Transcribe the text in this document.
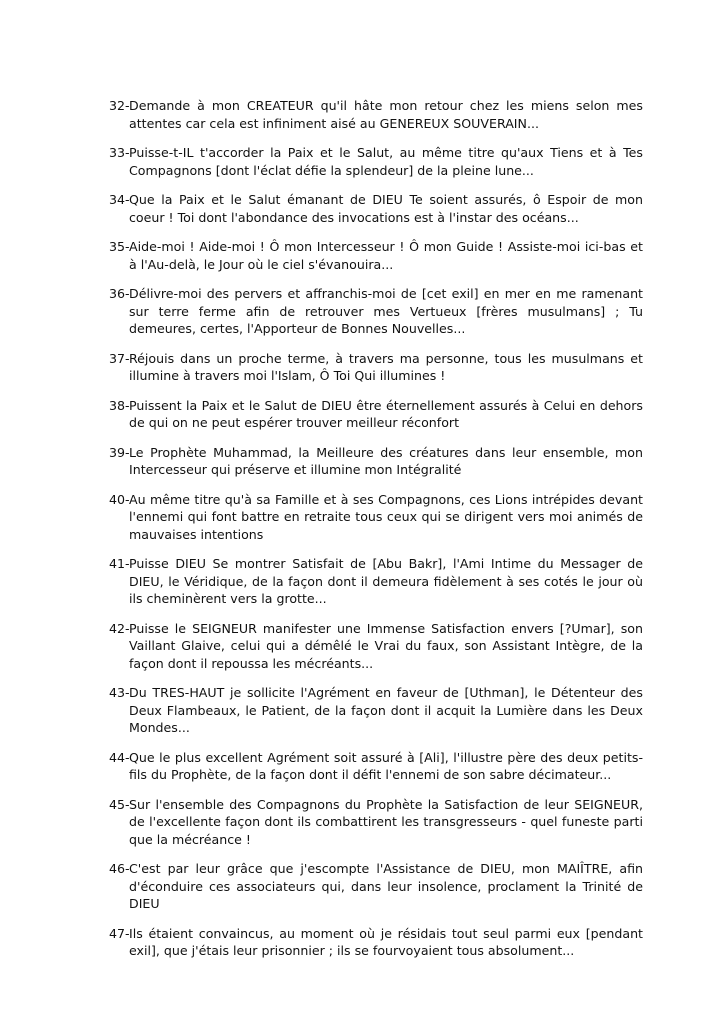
32- Demande à mon CREATEUR qu'il hâte mon retour chez les miens selon mes attentes car cela est infiniment aisé au GENEREUX SOUVERAIN...
33- Puisse-t-IL t'accorder la Paix et le Salut, au même titre qu'aux Tiens et à Tes Compagnons [dont l'éclat défie la splendeur] de la pleine lune...
34- Que la Paix et le Salut émanant de DIEU Te soient assurés, ô Espoir de mon coeur ! Toi dont l'abondance des invocations est à l'instar des océans...
35- Aide-moi ! Aide-moi ! Ô mon Intercesseur ! Ô mon Guide ! Assiste-moi ici-bas et à l'Au-delà, le Jour où le ciel s'évanouira...
36- Délivre-moi des pervers et affranchis-moi de [cet exil] en mer en me ramenant sur terre ferme afin de retrouver mes Vertueux [frères musulmans] ; Tu demeures, certes, l'Apporteur de Bonnes Nouvelles...
37- Réjouis dans un proche terme, à travers ma personne, tous les musulmans et illumine à travers moi l'Islam, Ô Toi Qui illumines !
38- Puissent la Paix et le Salut de DIEU être éternellement assurés à Celui en dehors de qui on ne peut espérer trouver meilleur réconfort
39- Le Prophète Muhammad, la Meilleure des créatures dans leur ensemble, mon Intercesseur qui préserve et illumine mon Intégralité
40- Au même titre qu'à sa Famille et à ses Compagnons, ces Lions intrépides devant l'ennemi qui font battre en retraite tous ceux qui se dirigent vers moi animés de mauvaises intentions
41- Puisse DIEU Se montrer Satisfait de [Abu Bakr], l'Ami Intime du Messager de DIEU, le Véridique, de la façon dont il demeura fidèlement à ses cotés le jour où ils cheminèrent vers la grotte...
42- Puisse le SEIGNEUR manifester une Immense Satisfaction envers [?Umar], son Vaillant Glaive, celui qui a démêlé le Vrai du faux, son Assistant Intègre, de la façon dont il repoussa les mécréants...
43- Du TRES-HAUT je sollicite l'Agrément en faveur de [Uthman], le Détenteur des Deux Flambeaux, le Patient, de la façon dont il acquit la Lumière dans les Deux Mondes...
44- Que le plus excellent Agrément soit assuré à [Ali], l'illustre père des deux petits-fils du Prophète, de la façon dont il défit l'ennemi de son sabre décimateur...
45- Sur l'ensemble des Compagnons du Prophète la Satisfaction de leur SEIGNEUR, de l'excellente façon dont ils combattirent les transgresseurs - quel funeste parti que la mécréance !
46- C'est par leur grâce que j'escompte l'Assistance de DIEU, mon MAIÎTRE, afin d'éconduire ces associateurs qui, dans leur insolence, proclament la Trinité de DIEU
47- Ils étaient convaincus, au moment où je résidais tout seul parmi eux [pendant exil], que j'étais leur prisonnier ; ils se fourvoyaient tous absolument...
